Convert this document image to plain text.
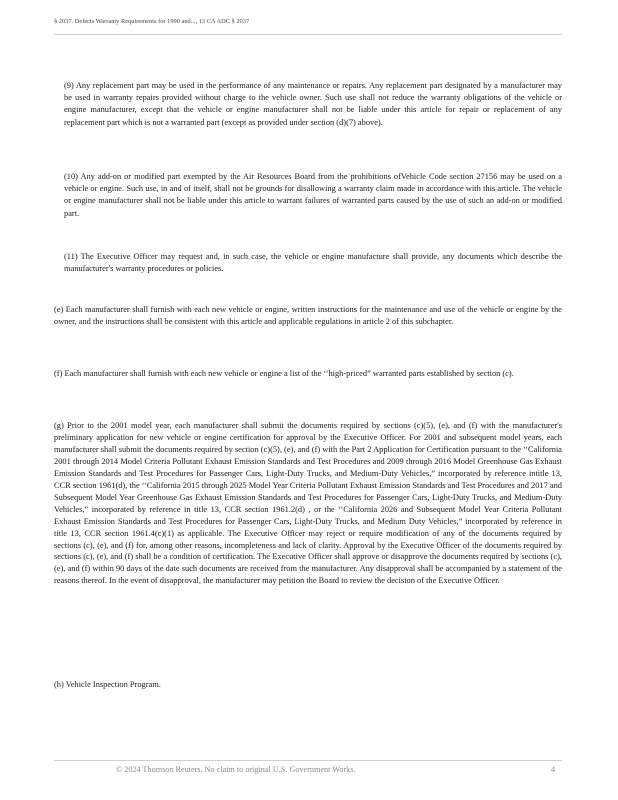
§ 2037. Defects Warranty Requirements for 1990 and..., 13 CA ADC § 2037

(9) Any replacement part may be used in the performance of any maintenance or repairs. Any replacement part designated by a manufacturer may be used in warranty repairs provided without charge to the vehicle owner. Such use shall not reduce the warranty obligations of the vehicle or engine manufacturer, except that the vehicle or engine manufacturer shall not be liable under this article for repair or replacement of any replacement part which is not a warranted part (except as provided under section (d)(7) above).

(10) Any add-on or modified part exempted by the Air Resources Board from the prohibitions ofVehicle Code section 27156 may be used on a vehicle or engine. Such use, in and of itself, shall not be grounds for disallowing a warranty claim made in accordance with this article. The vehicle or engine manufacturer shall not be liable under this article to warrant failures of warranted parts caused by the use of such an add-on or modified part.

(11) The Executive Officer may request and, in such case, the vehicle or engine manufacture shall provide, any documents which describe the manufacturer's warranty procedures or policies.

(e) Each manufacturer shall furnish with each new vehicle or engine, written instructions for the maintenance and use of the vehicle or engine by the owner, and the instructions shall be consistent with this article and applicable regulations in article 2 of this subchapter.

(f) Each manufacturer shall furnish with each new vehicle or engine a list of the ‘‘high-priced” warranted parts established by section (c).

(g) Prior to the 2001 model year, each manufacturer shall submit the documents required by sections (c)(5), (e), and (f) with the manufacturer's preliminary application for new vehicle or engine certification for approval by the Executive Officer. For 2001 and subsequent model years, each manufacturer shall submit the documents required by section (c)(5), (e), and (f) with the Part 2 Application for Certification pursuant to the ‘‘California 2001 through 2014 Model Criteria Pollutant Exhaust Emission Standards and Test Procedures and 2009 through 2016 Model Greenhouse Gas Exhaust Emission Standards and Test Procedures for Passenger Cars, Light-Duty Trucks, and Medium-Duty Vehicles,” incorporated by reference intitle 13, CCR section 1961(d), the ‘‘California 2015 through 2025 Model Year Criteria Pollutant Exhaust Emission Standards and Test Procedures and 2017 and Subsequent Model Year Greenhouse Gas Exhaust Emission Standards and Test Procedures for Passenger Cars, Light-Duty Trucks, and Medium-Duty Vehicles,” incorporated by reference in title 13, CCR section 1961.2(d) , or the ‘‘California 2026 and Subsequent Model Year Criteria Pollutant Exhaust Emission Standards and Test Procedures for Passenger Cars, Light-Duty Trucks, and Medium Duty Vehicles,” incorporated by reference in title 13, CCR section 1961.4(c)(1) as applicable. The Executive Officer may reject or require modification of any of the documents required by sections (c), (e), and (f) for, among other reasons, incompleteness and lack of clarity. Approval by the Executive Officer of the documents required by sections (c), (e), and (f) shall be a condition of certification. The Executive Officer shall approve or disapprove the documents required by sections (c), (e), and (f) within 90 days of the date such documents are received from the manufacturer. Any disapproval shall be accompanied by a statement of the reasons thereof. In the event of disapproval, the manufacturer may petition the Board to review the decision of the Executive Officer.

(h) Vehicle Inspection Program.

© 2024 Thomson Reuters. No claim to original U.S. Government Works.	4
